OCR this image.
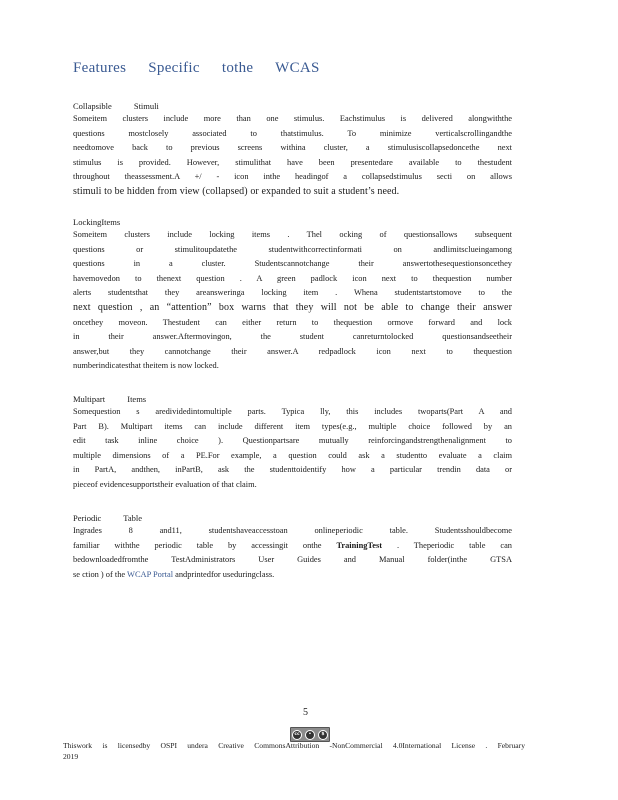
Features Specific tothe WCAS
Collapsible Stimuli
Someitem clusters include more than one stimulus. Eachstimulus is delivered alongwiththe
questions mostclosely associated to thatstimulus. To minimize verticalscrollingandthe
needtomove back to previous screens withina cluster, a stimulusiscollapsedoncethe next
stimulus is provided. However, stimulithat have been presentedare available to thestudent
throughout theassessment.A +/ - icon inthe headingof a collapsedstimulus secti on allows
stimuli to be hidden from view (collapsed) or expanded to suit a student’s need.
LockingItems
Someitem clusters include locking items . Thel ocking of questionsallows subsequent
questions or stimulitoupdatethe studentwithcorrectinformati on andlimitsclueingamong
questions in a cluster. Studentscannotchange their answertothesequestionsoncethey
havemovedon to thenext question . A green padlock icon next to thequestion number
alerts studentsthat they areansweringa locking item . Whena studentstartstomove to the
next question , an “attention” box warns that they will not be able to change their answer
oncethey moveon. Thestudent can either return to thequestion ormove forward and lock
in their answer.Aftermovingon, the student canreturntolocked questionsandseetheir
answer,but they cannotchange their answer.A redpadlock icon next to thequestion
numberindicatesthat theitem is now locked.
Multipart Items
Somequestion s aredividedintomultiple parts. Typica lly, this includes twoparts(Part A and
Part B). Multipart items can include different item types(e.g., multiple choice followed by an
edit task inline choice ). Questionpartsare mutually reinforcingandstrengthenalignment to
multiple dimensions of a PE.For example, a question could ask a studentto evaluate a claim
in PartA, andthen, inPartB, ask the studenttoidentify how a particular trendin data or
pieceof evidencesupportstheir evaluation of that claim.
Periodic Table
Ingrades 8 and11, studentshaveaccesstoan onlineperiodic table. Studentsshouldbecome
familiar withthe periodic table by accessingit onthe TrainingTest . Theperiodic table can
bedownloadedfromthe TestAdministrators User Guides and Manual folder(inthe GTSA
se ction ) of the WCAP Portal andprintedfor useduringclass.
5
cc	•	$
Thiswork is licensedby OSPI undera Creative CommonsAttribution -NonCommercial 4.0International License . February
2019
